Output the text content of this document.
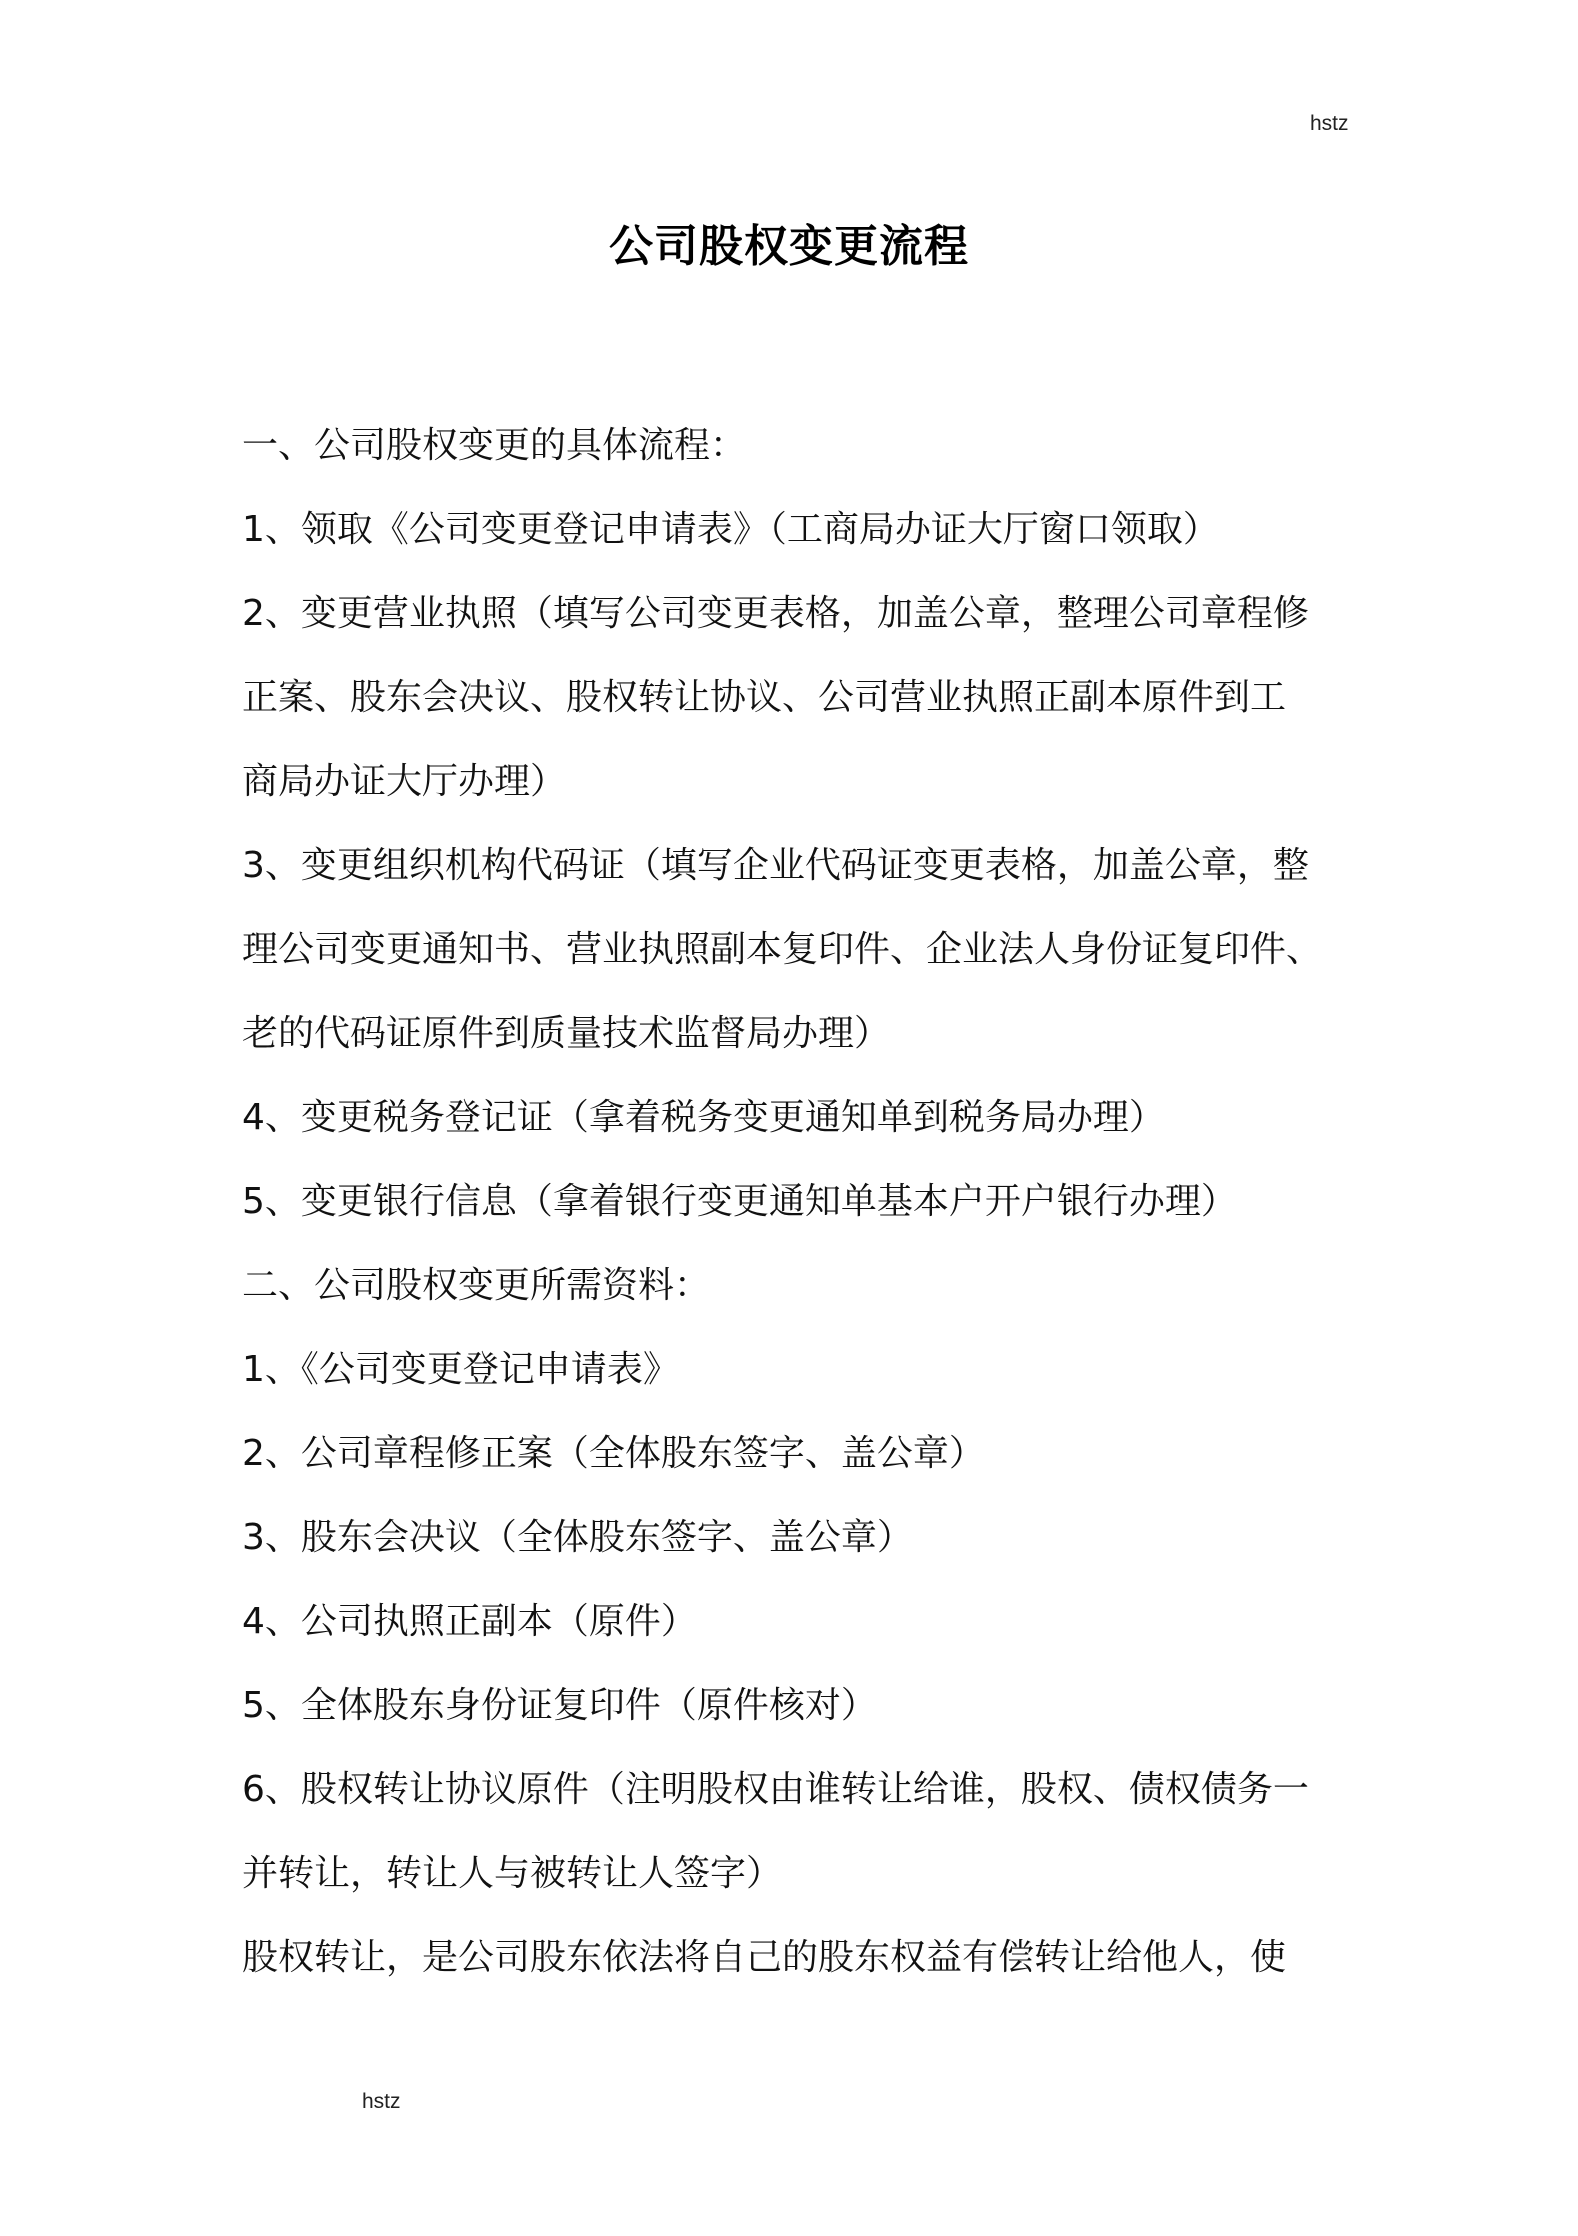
hstz
公司股权变更流程

一、公司股权变更的具体流程：

1、领取《公司变更登记申请表》（工商局办证大厅窗口领取）

2、变更营业执照（填写公司变更表格，加盖公章，整理公司章程修

正案、股东会决议、股权转让协议、公司营业执照正副本原件到工

商局办证大厅办理）

3、变更组织机构代码证（填写企业代码证变更表格，加盖公章，整

理公司变更通知书、营业执照副本复印件、企业法人身份证复印件、

老的代码证原件到质量技术监督局办理）

4、变更税务登记证（拿着税务变更通知单到税务局办理）

5、变更银行信息（拿着银行变更通知单基本户开户银行办理）

二、公司股权变更所需资料：

1、《公司变更登记申请表》

2、公司章程修正案（全体股东签字、盖公章）

3、股东会决议（全体股东签字、盖公章）

4、公司执照正副本（原件）

5、全体股东身份证复印件（原件核对）

6、股权转让协议原件（注明股权由谁转让给谁，股权、债权债务一

并转让，转让人与被转让人签字）

股权转让，是公司股东依法将自己的股东权益有偿转让给他人，使

hstz
